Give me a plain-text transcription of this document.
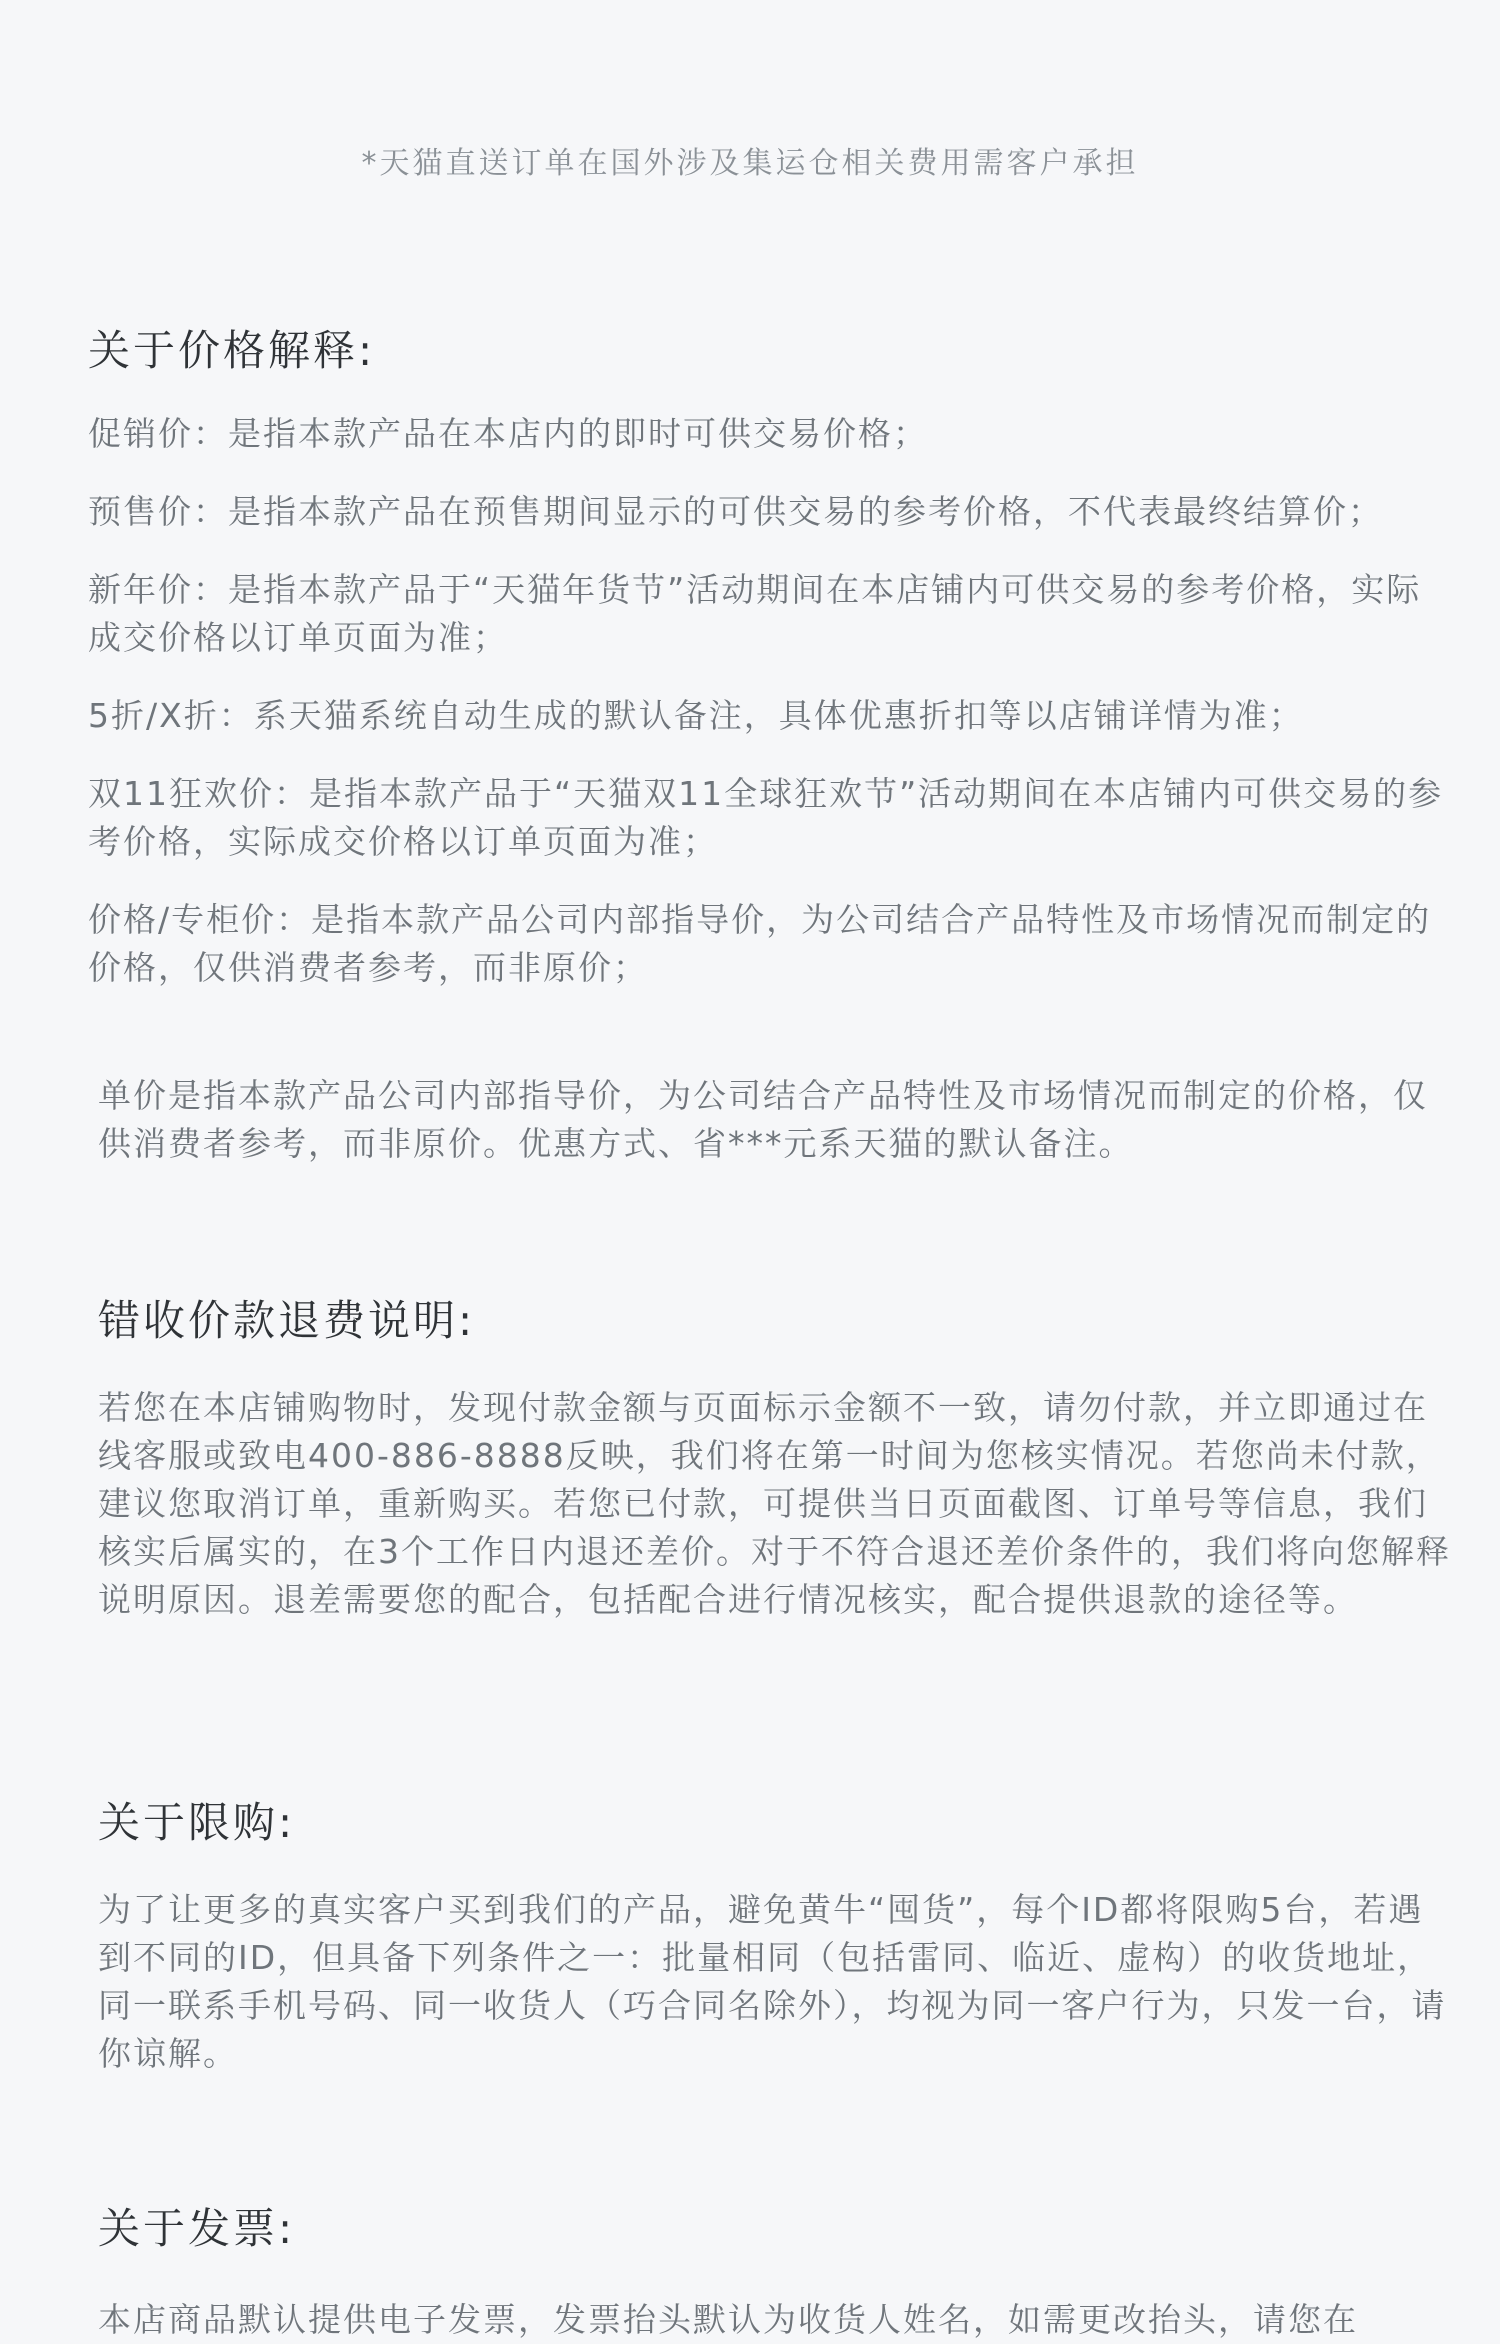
*天猫直送订单在国外涉及集运仓相关费用需客户承担
关于价格解释:

促销价：是指本款产品在本店内的即时可供交易价格；

预售价：是指本款产品在预售期间显示的可供交易的参考价格，不代表最终结算价；

新年价：是指本款产品于“天猫年货节”活动期间在本店铺内可供交易的参考价格，实际成交价格以订单页面为准；

5折/X折：系天猫系统自动生成的默认备注，具体优惠折扣等以店铺详情为准；

双11狂欢价：是指本款产品于“天猫双11全球狂欢节”活动期间在本店铺内可供交易的参考价格，实际成交价格以订单页面为准；

价格/专柜价：是指本款产品公司内部指导价，为公司结合产品特性及市场情况而制定的价格，仅供消费者参考，而非原价；

单价是指本款产品公司内部指导价，为公司结合产品特性及市场情况而制定的价格，仅供消费者参考，而非原价。优惠方式、省***元系天猫的默认备注。

错收价款退费说明:

若您在本店铺购物时，发现付款金额与页面标示金额不一致，请勿付款，并立即通过在线客服或致电400-886-8888反映，我们将在第一时间为您核实情况。若您尚未付款，建议您取消订单，重新购买。若您已付款，可提供当日页面截图、订单号等信息，我们核实后属实的，在3个工作日内退还差价。对于不符合退还差价条件的，我们将向您解释说明原因。退差需要您的配合，包括配合进行情况核实，配合提供退款的途径等。

关于限购:

为了让更多的真实客户买到我们的产品，避免黄牛“囤货”，每个ID都将限购5台，若遇到不同的ID，但具备下列条件之一：批量相同（包括雷同、临近、虚构）的收货地址，同一联系手机号码、同一收货人（巧合同名除外），均视为同一客户行为，只发一台，请你谅解。

关于发票:

本店商品默认提供电子发票，发票抬头默认为收货人姓名，如需更改抬头，请您在
